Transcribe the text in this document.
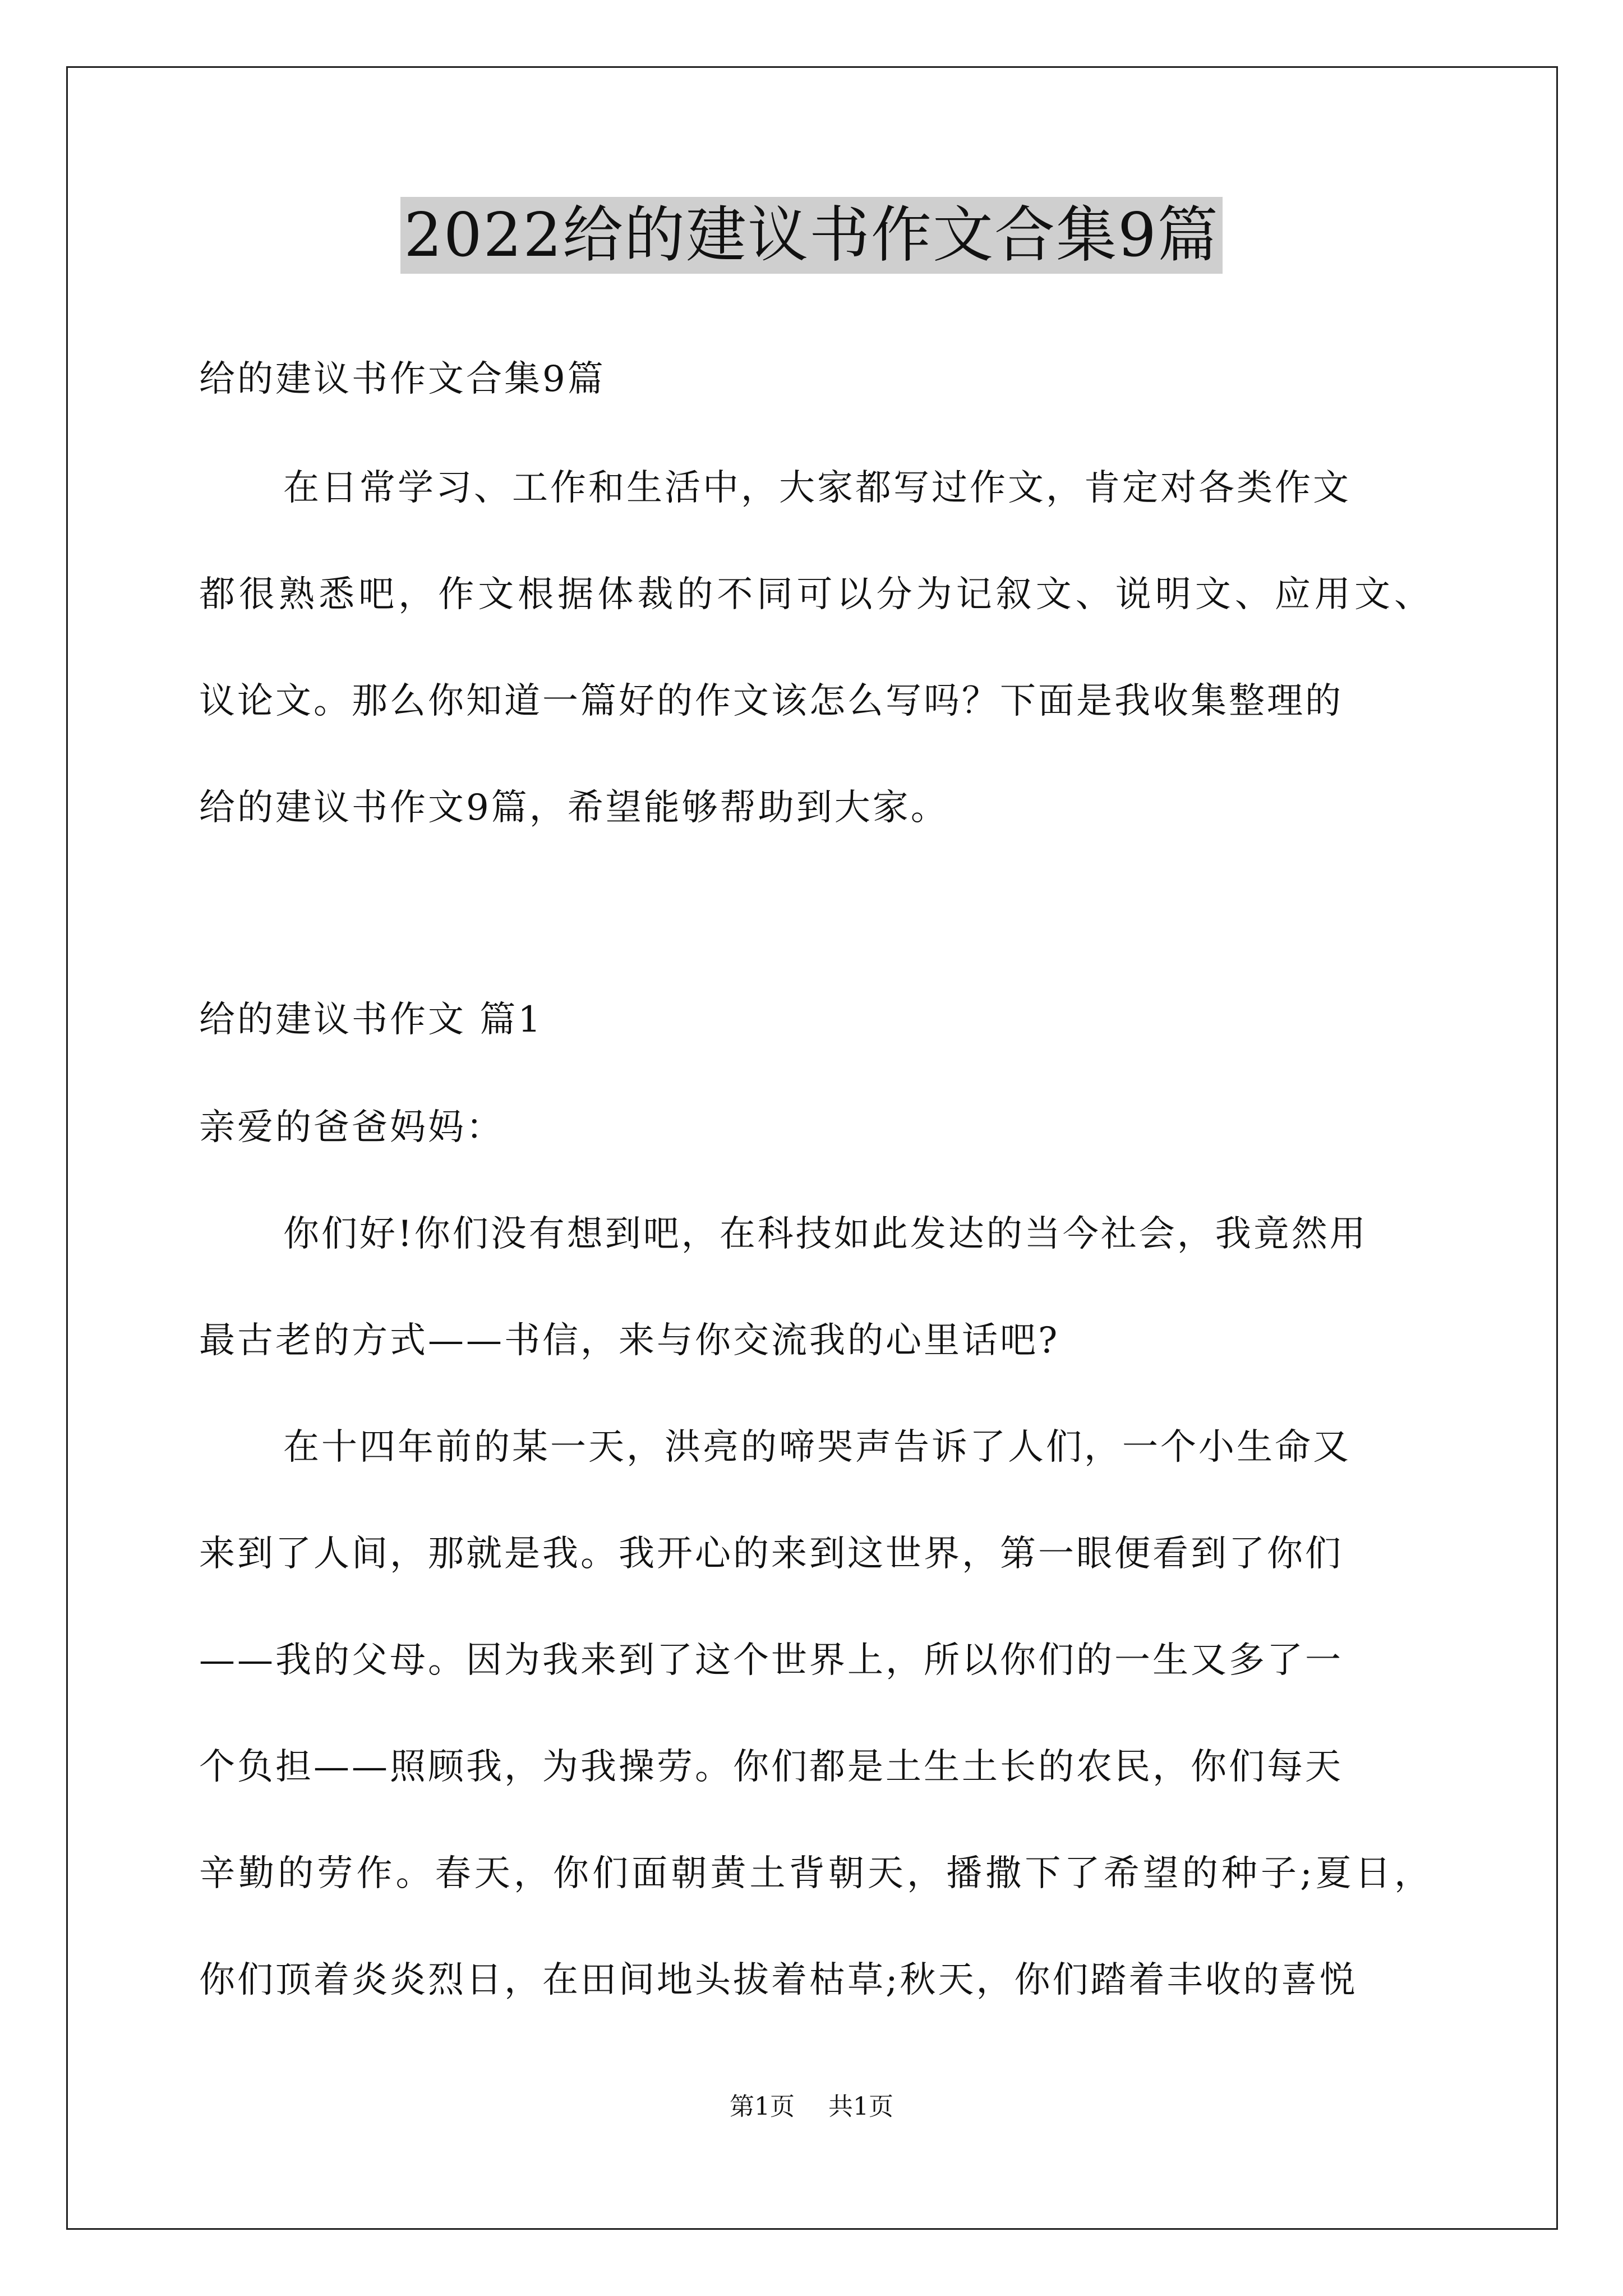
2022给的建议书作文合集9篇
给的建议书作文合集9篇
在日常学习、工作和生活中，大家都写过作文，肯定对各类作文
都很熟悉吧，作文根据体裁的不同可以分为记叙文、说明文、应用文、
议论文。那么你知道一篇好的作文该怎么写吗？下面是我收集整理的
给的建议书作文9篇，希望能够帮助到大家。
给的建议书作文 篇1
亲爱的爸爸妈妈：
你们好!你们没有想到吧，在科技如此发达的当今社会，我竟然用
最古老的方式——书信，来与你交流我的心里话吧?
在十四年前的某一天，洪亮的啼哭声告诉了人们，一个小生命又
来到了人间，那就是我。我开心的来到这世界，第一眼便看到了你们
——我的父母。因为我来到了这个世界上，所以你们的一生又多了一
个负担——照顾我，为我操劳。你们都是土生土长的农民，你们每天
辛勤的劳作。春天，你们面朝黄土背朝天，播撒下了希望的种子;夏日，
你们顶着炎炎烈日，在田间地头拔着枯草;秋天，你们踏着丰收的喜悦
第1页 共1页
